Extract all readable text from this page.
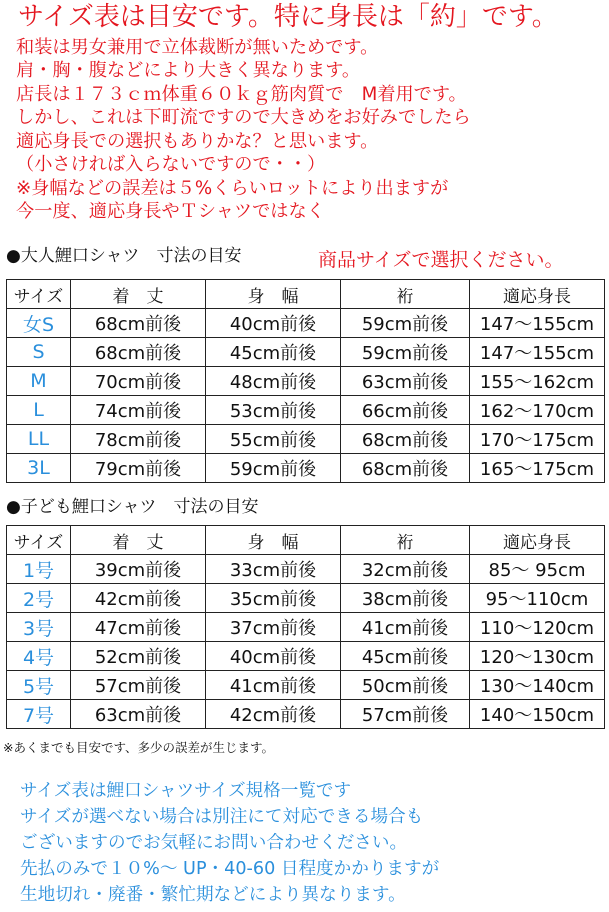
サイズ表は目安です。特に身長は「約」です。
和装は男女兼用で立体裁断が無いためです。
肩・胸・腹などにより大きく異なります。
店長は１７３ｃｍ体重６０ｋｇ筋肉質で　M着用です。
しかし、これは下町流ですので大きめをお好みでしたら
適応身長での選択もありかな？と思います。
（小さければ入らないですので・・）
※身幅などの誤差は５%くらいロットにより出ますが
今一度、適応身長やＴシャツではなく
●大人鯉口シャツ　寸法の目安	商品サイズで選択ください。
サイズ	着　丈	身　幅	裄	適応身長
女S	68cm前後	40cm前後	59cm前後	147〜155cm
S	68cm前後	45cm前後	59cm前後	147〜155cm
M	70cm前後	48cm前後	63cm前後	155〜162cm
L	74cm前後	53cm前後	66cm前後	162〜170cm
LL	78cm前後	55cm前後	68cm前後	170〜175cm
3L	79cm前後	59cm前後	68cm前後	165〜175cm
●子ども鯉口シャツ　寸法の目安
サイズ	着　丈	身　幅	裄	適応身長
1号	39cm前後	33cm前後	32cm前後	85〜 95cm
2号	42cm前後	35cm前後	38cm前後	95〜110cm
3号	47cm前後	37cm前後	41cm前後	110〜120cm
4号	52cm前後	40cm前後	45cm前後	120〜130cm
5号	57cm前後	41cm前後	50cm前後	130〜140cm
7号	63cm前後	42cm前後	57cm前後	140〜150cm
※あくまでも目安です、多少の誤差が生じます。
サイズ表は鯉口シャツサイズ規格一覧です
サイズが選べない場合は別注にて対応できる場合も
ございますのでお気軽にお問い合わせください。
先払のみで１０%〜 UP・40-60 日程度かかりますが
生地切れ・廃番・繁忙期などにより異なります。
